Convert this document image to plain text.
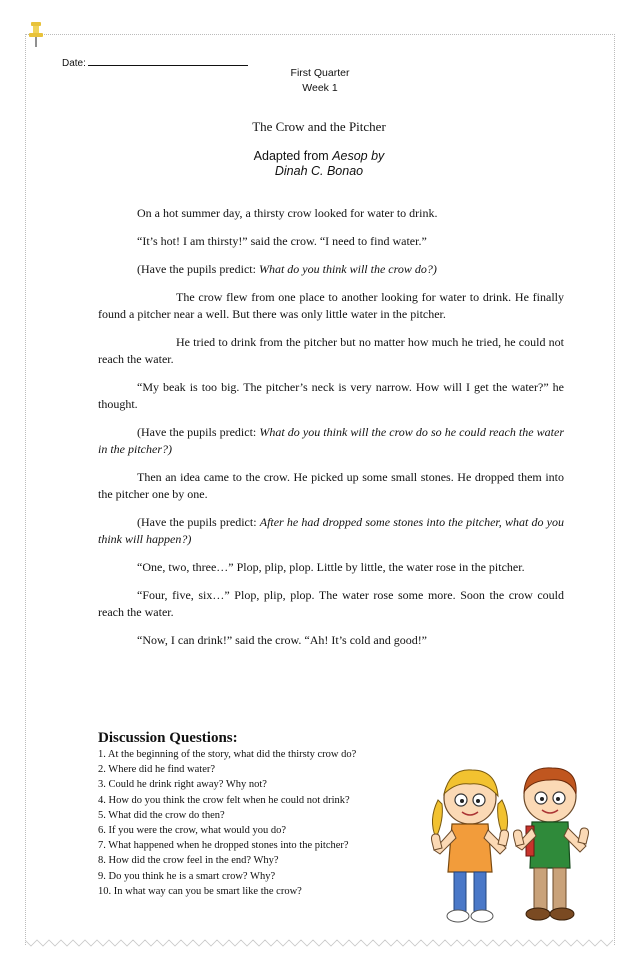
Date:
First Quarter
Week 1
The Crow and the Pitcher
Adapted from Aesop by
Dinah C. Bonao

On a hot summer day, a thirsty crow looked for water to drink.

“It’s hot! I am thirsty!” said the crow. “I need to find water.”

(Have the pupils predict: What do you think will the crow do?)

The crow flew from one place to another looking for water to drink. He finally found a pitcher near a well. But there was only little water in the pitcher.

He tried to drink from the pitcher but no matter how much he tried, he could not reach the water.

“My beak is too big. The pitcher’s neck is very narrow. How will I get the water?” he thought.

(Have the pupils predict: What do you think will the crow do so he could reach the water in the pitcher?)

Then an idea came to the crow. He picked up some small stones. He dropped them into the pitcher one by one.

(Have the pupils predict: After he had dropped some stones into the pitcher, what do you think will happen?)

“One, two, three…” Plop, plip, plop. Little by little, the water rose in the pitcher.

“Four, five, six…” Plop, plip, plop. The water rose some more. Soon the crow could reach the water.

“Now, I can drink!” said the crow. “Ah! It’s cold and good!”

Discussion Questions:
1. At the beginning of the story, what did the thirsty crow do?
2. Where did he find water?
3. Could he drink right away? Why not?
4. How do you think the crow felt when he could not drink?
5. What did the crow do then?
6. If you were the crow, what would you do?
7. What happened when he dropped stones into the pitcher?
8. How did the crow feel in the end? Why?
9. Do you think he is a smart crow? Why?
10. In what way can you be smart like the crow?
